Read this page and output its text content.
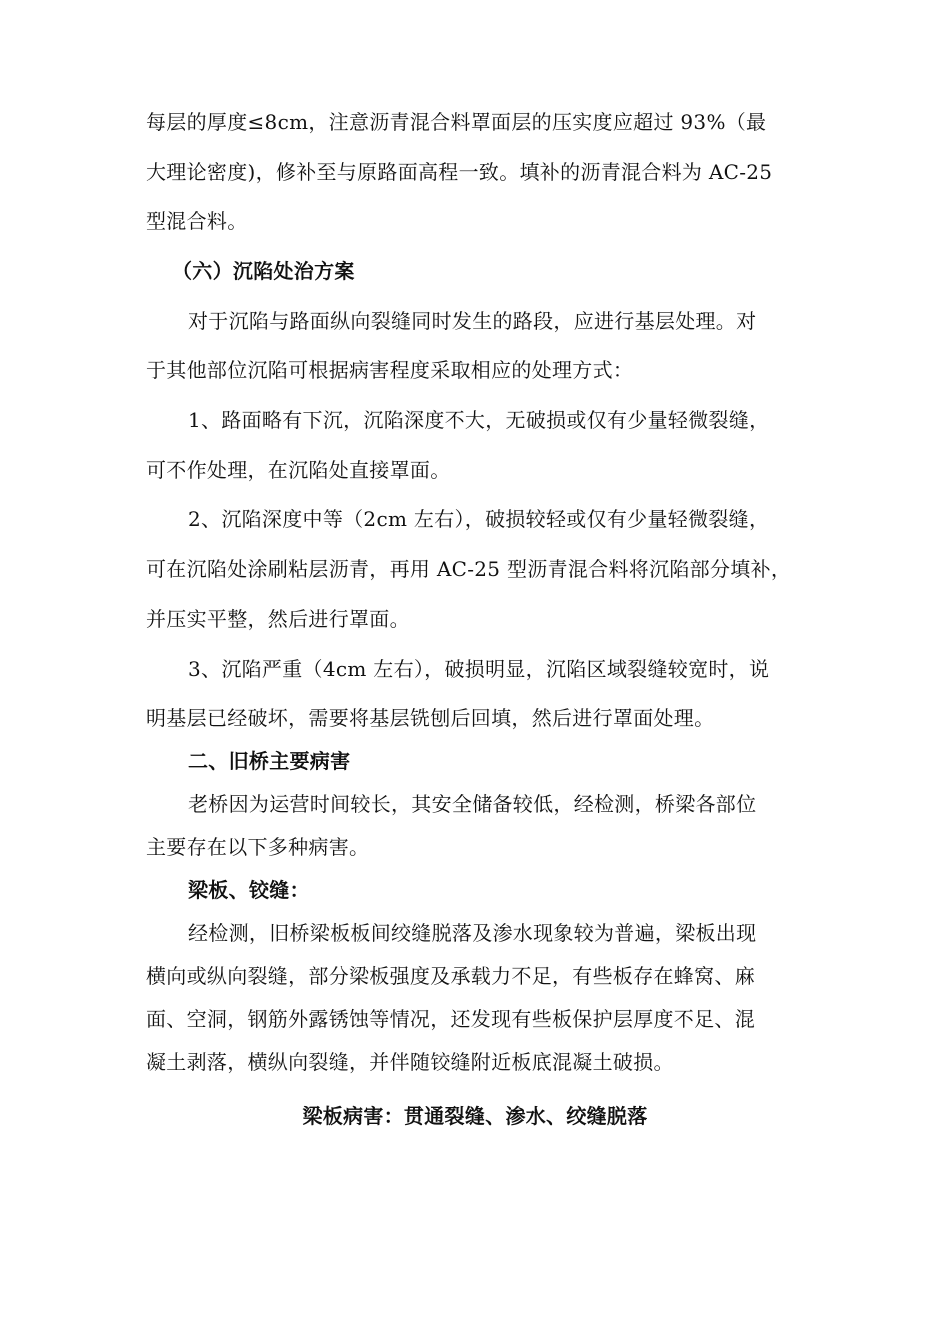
每层的厚度≤8cm，注意沥青混合料罩面层的压实度应超过 93%（最
大理论密度)，修补至与原路面高程一致。填补的沥青混合料为 AC-25
型混合料。
（六）沉陷处治方案
对于沉陷与路面纵向裂缝同时发生的路段，应进行基层处理。对
于其他部位沉陷可根据病害程度采取相应的处理方式：
1、路面略有下沉，沉陷深度不大，无破损或仅有少量轻微裂缝，
可不作处理，在沉陷处直接罩面。
2、沉陷深度中等（2cm 左右），破损较轻或仅有少量轻微裂缝，
可在沉陷处涂刷粘层沥青，再用 AC-25 型沥青混合料将沉陷部分填补，
并压实平整，然后进行罩面。
3、沉陷严重（4cm 左右），破损明显，沉陷区域裂缝较宽时，说
明基层已经破坏，需要将基层铣刨后回填，然后进行罩面处理。
二、旧桥主要病害
老桥因为运营时间较长，其安全储备较低，经检测，桥梁各部位
主要存在以下多种病害。
梁板、铰缝：
经检测，旧桥梁板板间绞缝脱落及渗水现象较为普遍，梁板出现
横向或纵向裂缝，部分梁板强度及承载力不足，有些板存在蜂窝、麻
面、空洞，钢筋外露锈蚀等情况，还发现有些板保护层厚度不足、混
凝土剥落，横纵向裂缝，并伴随铰缝附近板底混凝土破损。
梁板病害：贯通裂缝、渗水、绞缝脱落
